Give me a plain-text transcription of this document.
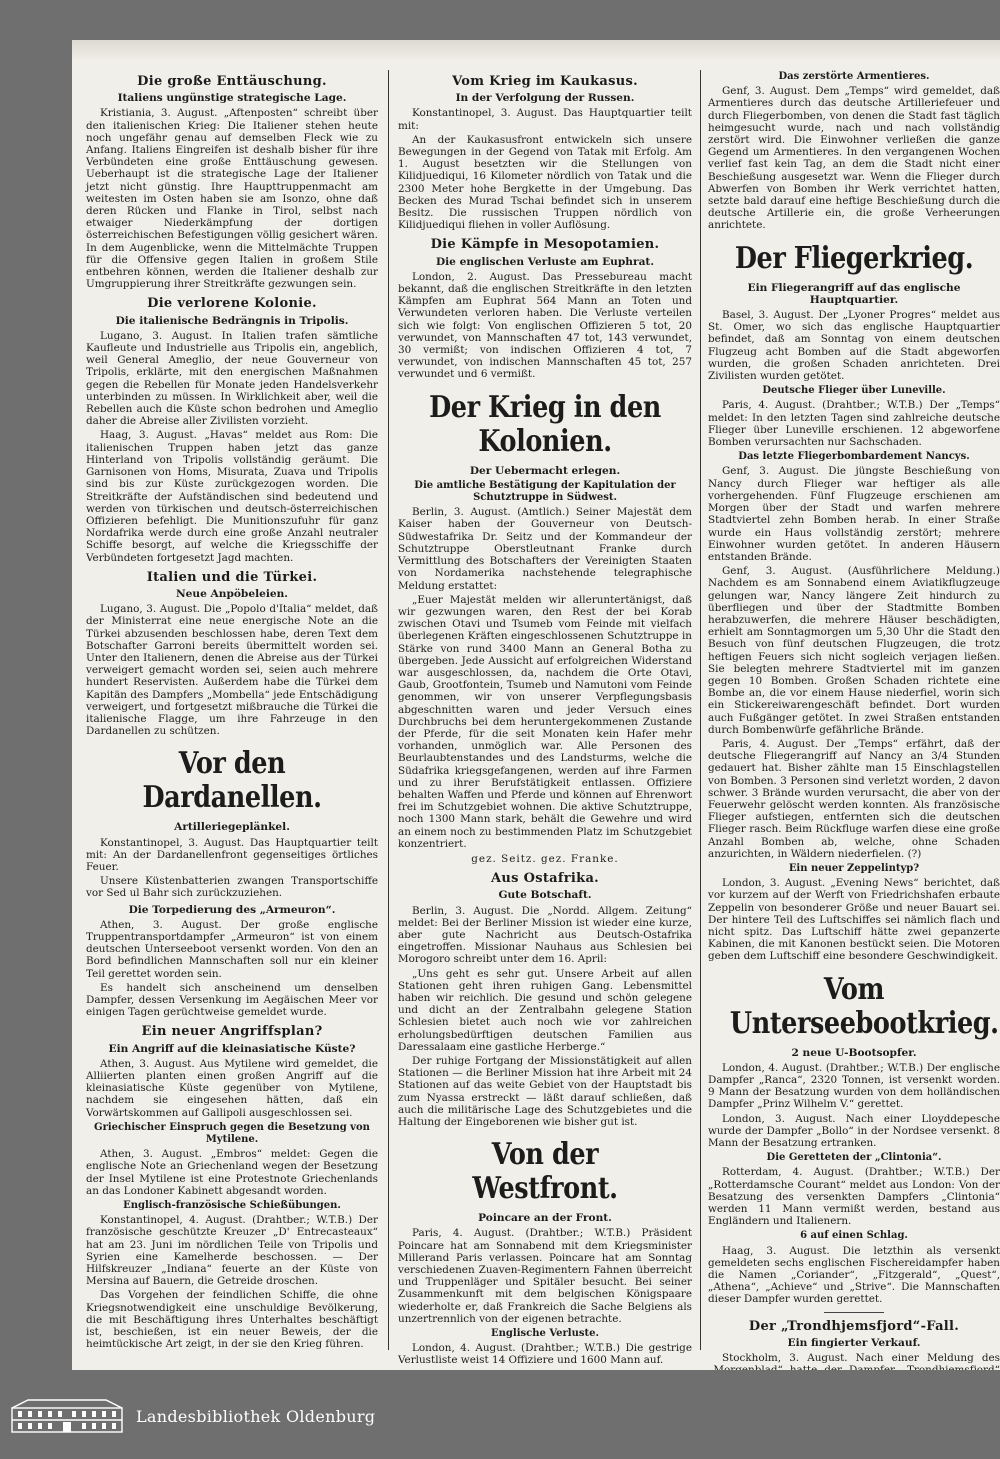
Die große Enttäuschung.
Italiens ungünstige strategische Lage.

Kristiania, 3. August. „Aftenposten“ schreibt über den italienischen Krieg: Die Italiener stehen heute noch ungefähr genau auf demselben Fleck wie zu Anfang. Italiens Eingreifen ist deshalb bisher für ihre Verbündeten eine große Enttäuschung gewesen. Ueberhaupt ist die strategische Lage der Italiener jetzt nicht günstig. Ihre Haupttruppenmacht am weitesten im Osten haben sie am Isonzo, ohne daß deren Rücken und Flanke in Tirol, selbst nach etwaiger Niederkämpfung der dortigen österreichischen Befestigungen völlig gesichert wären. In dem Augenblicke, wenn die Mittelmächte Truppen für die Offensive gegen Italien in großem Stile entbehren können, werden die Italiener deshalb zur Umgruppierung ihrer Streitkräfte gezwungen sein.

Die verlorene Kolonie.
Die italienische Bedrängnis in Tripolis.

Lugano, 3. August. In Italien trafen sämtliche Kaufleute und Industrielle aus Tripolis ein, angeblich, weil General Ameglio, der neue Gouverneur von Tripolis, erklärte, mit den energischen Maßnahmen gegen die Rebellen für Monate jeden Handelsverkehr unterbinden zu müssen. In Wirklichkeit aber, weil die Rebellen auch die Küste schon bedrohen und Ameglio daher die Abreise aller Zivilisten vorzieht.

Haag, 3. August. „Havas“ meldet aus Rom: Die italienischen Truppen haben jetzt das ganze Hinterland von Tripolis vollständig geräumt. Die Garnisonen von Homs, Misurata, Zuava und Tripolis sind bis zur Küste zurückgezogen worden. Die Streitkräfte der Aufständischen sind bedeutend und werden von türkischen und deutsch-österreichischen Offizieren befehligt. Die Munitionszufuhr für ganz Nordafrika werde durch eine große Anzahl neutraler Schiffe besorgt, auf welche die Kriegsschiffe der Verbündeten fortgesetzt Jagd machten.

Italien und die Türkei.
Neue Anpöbeleien.

Lugano, 3. August. Die „Popolo d'Italia“ meldet, daß der Ministerrat eine neue energische Note an die Türkei abzusenden beschlossen habe, deren Text dem Botschafter Garroni bereits übermittelt worden sei. Unter den Italienern, denen die Abreise aus der Türkei verweigert gemacht worden sei, seien auch mehrere hundert Reservisten. Außerdem habe die Türkei dem Kapitän des Dampfers „Mombella“ jede Entschädigung verweigert, und fortgesetzt mißbrauche die Türkei die italienische Flagge, um ihre Fahrzeuge in den Dardanellen zu schützen.

Vor den Dardanellen.
Artilleriegeplänkel.

Konstantinopel, 3. August. Das Hauptquartier teilt mit: An der Dardanellenfront gegenseitiges örtliches Feuer.

Unsere Küstenbatterien zwangen Transportschiffe vor Sed ul Bahr sich zurückzuziehen.

Die Torpedierung des „Armeuron“.

Athen, 3. August. Der große englische Truppentransportdampfer „Armeuron“ ist von einem deutschen Unterseeboot versenkt worden. Von den an Bord befindlichen Mannschaften soll nur ein kleiner Teil gerettet worden sein.

Es handelt sich anscheinend um denselben Dampfer, dessen Versenkung im Aegäischen Meer vor einigen Tagen gerüchtweise gemeldet wurde.

Ein neuer Angriffsplan?
Ein Angriff auf die kleinasiatische Küste?

Athen, 3. August. Aus Mytilene wird gemeldet, die Alliierten planten einen großen Angriff auf die kleinasiatische Küste gegenüber von Mytilene, nachdem sie eingesehen hätten, daß ein Vorwärtskommen auf Gallipoli ausgeschlossen sei.

Griechischer Einspruch gegen die Besetzung von Mytilene.

Athen, 3. August. „Embros“ meldet: Gegen die englische Note an Griechenland wegen der Besetzung der Insel Mytilene ist eine Protestnote Griechenlands an das Londoner Kabinett abgesandt worden.

Englisch-französische Schießübungen.

Konstantinopel, 4. August. (Drahtber.; W.T.B.) Der französische geschützte Kreuzer „D' Entrecasteaux“ hat am 23. Juni im nördlichen Teile von Tripolis und Syrien eine Kamelherde beschossen. — Der Hilfskreuzer „Indiana“ feuerte an der Küste von Mersina auf Bauern, die Getreide droschen.

Das Vorgehen der feindlichen Schiffe, die ohne Kriegsnotwendigkeit eine unschuldige Bevölkerung, die mit Beschäftigung ihres Unterhaltes beschäftigt ist, beschießen, ist ein neuer Beweis, der die heimtückische Art zeigt, in der sie den Krieg führen.

Vom Krieg im Kaukasus.
In der Verfolgung der Russen.

Konstantinopel, 3. August. Das Hauptquartier teilt mit:

An der Kaukasusfront entwickeln sich unsere Bewegungen in der Gegend von Tatak mit Erfolg. Am 1. August besetzten wir die Stellungen von Kilidjuediqui, 16 Kilometer nördlich von Tatak und die 2300 Meter hohe Bergkette in der Umgebung. Das Becken des Murad Tschai befindet sich in unserem Besitz. Die russischen Truppen nördlich von Kilidjuediqui fliehen in voller Auflösung.

Die Kämpfe in Mesopotamien.
Die englischen Verluste am Euphrat.

London, 2. August. Das Pressebureau macht bekannt, daß die englischen Streitkräfte in den letzten Kämpfen am Euphrat 564 Mann an Toten und Verwundeten verloren haben. Die Verluste verteilen sich wie folgt: Von englischen Offizieren 5 tot, 20 verwundet, von Mannschaften 47 tot, 143 verwundet, 30 vermißt; von indischen Offizieren 4 tot, 7 verwundet, von indischen Mannschaften 45 tot, 257 verwundet und 6 vermißt.

Der Krieg in den Kolonien.
Der Uebermacht erlegen.
Die amtliche Bestätigung der Kapitulation der Schutztruppe in Südwest.

Berlin, 3. August. (Amtlich.) Seiner Majestät dem Kaiser haben der Gouverneur von Deutsch-Südwestafrika Dr. Seitz und der Kommandeur der Schutztruppe Oberstleutnant Franke durch Vermittlung des Botschafters der Vereinigten Staaten von Nordamerika nachstehende telegraphische Meldung erstattet:

„Euer Majestät melden wir alleruntertänigst, daß wir gezwungen waren, den Rest der bei Korab zwischen Otavi und Tsumeb vom Feinde mit vielfach überlegenen Kräften eingeschlossenen Schutztruppe in Stärke von rund 3400 Mann an General Botha zu übergeben. Jede Aussicht auf erfolgreichen Widerstand war ausgeschlossen, da, nachdem die Orte Otavi, Gaub, Grootfontein, Tsumeb und Namutoni vom Feinde genommen, wir von unserer Verpflegungsbasis abgeschnitten waren und jeder Versuch eines Durchbruchs bei dem heruntergekommenen Zustande der Pferde, für die seit Monaten kein Hafer mehr vorhanden, unmöglich war. Alle Personen des Beurlaubtenstandes und des Landsturms, welche die Südafrika kriegsgefangenen, werden auf ihre Farmen und zu ihrer Berufstätigkeit entlassen. Offiziere behalten Waffen und Pferde und können auf Ehrenwort frei im Schutzgebiet wohnen. Die aktive Schutztruppe, noch 1300 Mann stark, behält die Gewehre und wird an einem noch zu bestimmenden Platz im Schutzgebiet konzentriert.

gez. Seitz. gez. Franke.
Aus Ostafrika.
Gute Botschaft.

Berlin, 3. August. Die „Nordd. Allgem. Zeitung“ meldet: Bei der Berliner Mission ist wieder eine kurze, aber gute Nachricht aus Deutsch-Ostafrika eingetroffen. Missionar Nauhaus aus Schlesien bei Morogoro schreibt unter dem 16. April:

„Uns geht es sehr gut. Unsere Arbeit auf allen Stationen geht ihren ruhigen Gang. Lebensmittel haben wir reichlich. Die gesund und schön gelegene und dicht an der Zentralbahn gelegene Station Schlesien bietet auch noch wie vor zahlreichen erholungsbedürftigen deutschen Familien aus Daressalaam eine gastliche Herberge.“

Der ruhige Fortgang der Missionstätigkeit auf allen Stationen — die Berliner Mission hat ihre Arbeit mit 24 Stationen auf das weite Gebiet von der Hauptstadt bis zum Nyassa erstreckt — läßt darauf schließen, daß auch die militärische Lage des Schutzgebietes und die Haltung der Eingeborenen wie bisher gut ist.

Von der Westfront.
Poincare an der Front.

Paris, 4. August. (Drahtber.; W.T.B.) Präsident Poincare hat am Sonnabend mit dem Kriegsminister Millerand Paris verlassen. Poincare hat am Sonntag verschiedenen Zuaven-Regimentern Fahnen überreicht und Truppenläger und Spitäler besucht. Bei seiner Zusammenkunft mit dem belgischen Königspaare wiederholte er, daß Frankreich die Sache Belgiens als unzertrennlich von der eigenen betrachte.

Englische Verluste.

London, 4. August. (Drahtber.; W.T.B.) Die gestrige Verlustliste weist 14 Offiziere und 1600 Mann auf.

Das zerstörte Armentieres.

Genf, 3. August. Dem „Temps“ wird gemeldet, daß Armentieres durch das deutsche Artilleriefeuer und durch Fliegerbomben, von denen die Stadt fast täglich heimgesucht wurde, nach und nach vollständig zerstört wird. Die Einwohner verließen die ganze Gegend um Armentieres. In den vergangenen Wochen verlief fast kein Tag, an dem die Stadt nicht einer Beschießung ausgesetzt war. Wenn die Flieger durch Abwerfen von Bomben ihr Werk verrichtet hatten, setzte bald darauf eine heftige Beschießung durch die deutsche Artillerie ein, die große Verheerungen anrichtete.

Der Fliegerkrieg.
Ein Fliegerangriff auf das englische Hauptquartier.

Basel, 3. August. Der „Lyoner Progres“ meldet aus St. Omer, wo sich das englische Hauptquartier befindet, daß am Sonntag von einem deutschen Flugzeug acht Bomben auf die Stadt abgeworfen wurden, die großen Schaden anrichteten. Drei Zivilisten wurden getötet.

Deutsche Flieger über Luneville.

Paris, 4. August. (Drahtber.; W.T.B.) Der „Temps“ meldet: In den letzten Tagen sind zahlreiche deutsche Flieger über Luneville erschienen. 12 abgeworfene Bomben verursachten nur Sachschaden.

Das letzte Fliegerbombardement Nancys.

Genf, 3. August. Die jüngste Beschießung von Nancy durch Flieger war heftiger als alle vorhergehenden. Fünf Flugzeuge erschienen am Morgen über der Stadt und warfen mehrere Stadtviertel zehn Bomben herab. In einer Straße wurde ein Haus vollständig zerstört; mehrere Einwohner wurden getötet. In anderen Häusern entstanden Brände.

Genf, 3. August. (Ausführlichere Meldung.) Nachdem es am Sonnabend einem Aviatikflugzeuge gelungen war, Nancy längere Zeit hindurch zu überfliegen und über der Stadtmitte Bomben herabzuwerfen, die mehrere Häuser beschädigten, erhielt am Sonntagmorgen um 5,30 Uhr die Stadt den Besuch von fünf deutschen Flugzeugen, die trotz heftigen Feuers sich nicht sogleich verjagen ließen. Sie belegten mehrere Stadtviertel mit im ganzen gegen 10 Bomben. Großen Schaden richtete eine Bombe an, die vor einem Hause niederfiel, worin sich ein Stickereiwarengeschäft befindet. Dort wurden auch Fußgänger getötet. In zwei Straßen entstanden durch Bombenwürfe gefährliche Brände.

Paris, 4. August. Der „Temps“ erfährt, daß der deutsche Fliegerangriff auf Nancy an 3/4 Stunden gedauert hat. Bisher zählte man 15 Einschlagstellen von Bomben. 3 Personen sind verletzt worden, 2 davon schwer. 3 Brände wurden verursacht, die aber von der Feuerwehr gelöscht werden konnten. Als französische Flieger aufstiegen, entfernten sich die deutschen Flieger rasch. Beim Rückfluge warfen diese eine große Anzahl Bomben ab, welche, ohne Schaden anzurichten, in Wäldern niederfielen. (?)

Ein neuer Zeppelintyp?

London, 3. August. „Evening News“ berichtet, daß vor kurzem auf der Werft von Friedrichshafen erbaute Zeppelin von besonderer Größe und neuer Bauart sei. Der hintere Teil des Luftschiffes sei nämlich flach und nicht spitz. Das Luftschiff hätte zwei gepanzerte Kabinen, die mit Kanonen bestückt seien. Die Motoren geben dem Luftschiff eine besondere Geschwindigkeit.

Vom Unterseebootkrieg.
2 neue U-Bootsopfer.

London, 4. August. (Drahtber.; W.T.B.) Der englische Dampfer „Ranca“, 2320 Tonnen, ist versenkt worden. 9 Mann der Besatzung wurden von dem holländischen Dampfer „Prinz Wilhelm V.“ gerettet.

London, 3. August. Nach einer Lloyddepesche wurde der Dampfer „Bollo“ in der Nordsee versenkt. 8 Mann der Besatzung ertranken.

Die Geretteten der „Clintonia“.

Rotterdam, 4. August. (Drahtber.; W.T.B.) Der „Rotterdamsche Courant“ meldet aus London: Von der Besatzung des versenkten Dampfers „Clintonia“ werden 11 Mann vermißt werden, bestand aus Engländern und Italienern.

6 auf einen Schlag.

Haag, 3. August. Die letzthin als versenkt gemeldeten sechs englischen Fischereidampfer haben die Namen „Coriander“, „Fitzgerald“, „Quest“, „Athena“, „Achieve“ und „Strive“. Die Mannschaften dieser Dampfer wurden gerettet.

Der „Trondhjemsfjord“-Fall.
Ein fingierter Verkauf.

Stockholm, 3. August. Nach einer Meldung des

Landesbibliothek Oldenburg
